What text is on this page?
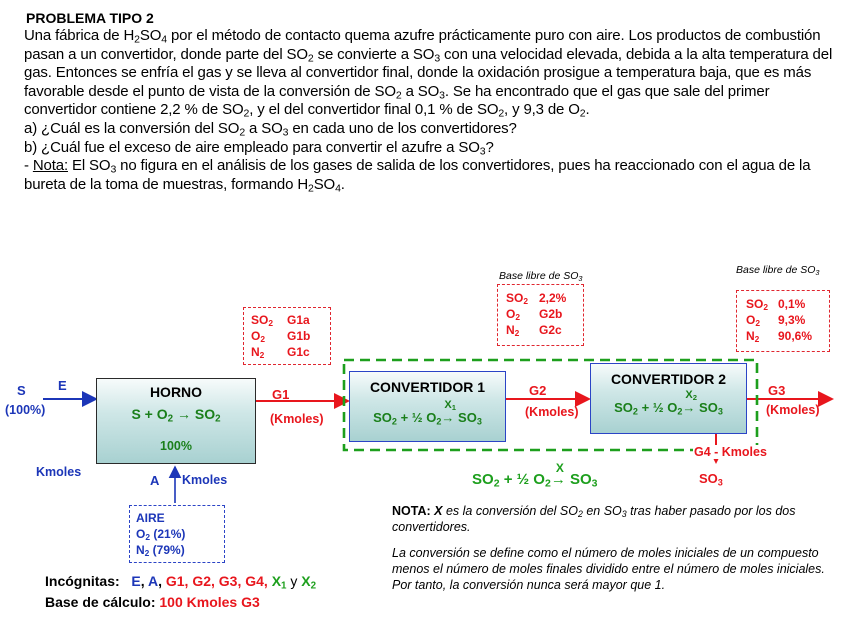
PROBLEMA TIPO 2

Una fábrica de $H_2SO_4$ por el método de contacto quema azufre prácticamente puro con aire. Los productos de combustión pasan a un convertidor, donde parte del $SO_2$ se convierte a $SO_3$ con una velocidad elevada, debida a la alta temperatura del gas. Entonces se enfría el gas y se lleva al convertidor final, donde la oxidación prosigue a temperatura baja, que es más favorable desde el punto de vista de la conversión de $SO_2$ a $SO_3$. Se ha encontrado que el gas que sale del primer convertidor contiene 2,2 % de $SO_2$, y el del convertidor final 0,1 % de $SO_2$, y 9,3 de $O_2$.

a) ¿Cuál es la conversión del $SO_2$ a $SO_3$ en cada uno de los convertidores?

b) ¿Cuál fue el exceso de aire empleado para convertir el azufre a $SO_3$?

- Nota: El $SO_3$ no figura en el análisis de los gases de salida de los convertidores, pues ha reaccionado con el agua de la bureta de la toma de muestras, formando $H_2SO_4$.

S
(100%)
E
Kmoles
HORNO
$S + O_2 \to SO_2$
100%
A Kmoles
AIRE
$O_2$ (21%)
$N_2$ (79%)
G1
(Kmoles)
$SO_2$ G1a
$O_2$ G1b
$N_2$ G1c
CONVERTIDOR 1
$SO_2$ + ½ $O_2$
$X_1$
→ $SO_3$
Base libre de $SO_3$
$SO_2$ 2,2%
$O_2$ G2b
$N_2$ G2c
G2
(Kmoles)
CONVERTIDOR 2
$SO_2$ + ½ $O_2$
$X_2$
→ $SO_3$
Base libre de $SO_3$
$SO_2$ 0,1%
$O_2$ 9,3%
$N_2$ 90,6%
G3
(Kmoles)
G4 - Kmoles
$SO_3$
$SO_2$ + ½ $O_2$
X
→ $SO_3$
NOTA: X es la conversión del $SO_2$ en $SO_3$ tras haber pasado por los dos convertidores.
La conversión se define como el número de moles iniciales de un compuesto menos el número de moles finales dividido entre el número de moles iniciales. Por tanto, la conversión nunca será mayor que 1.
Incógnitas: E, A, G1, G2, G3, G4, $X_1$ y $X_2$
Base de cálculo: 100 Kmoles G3
